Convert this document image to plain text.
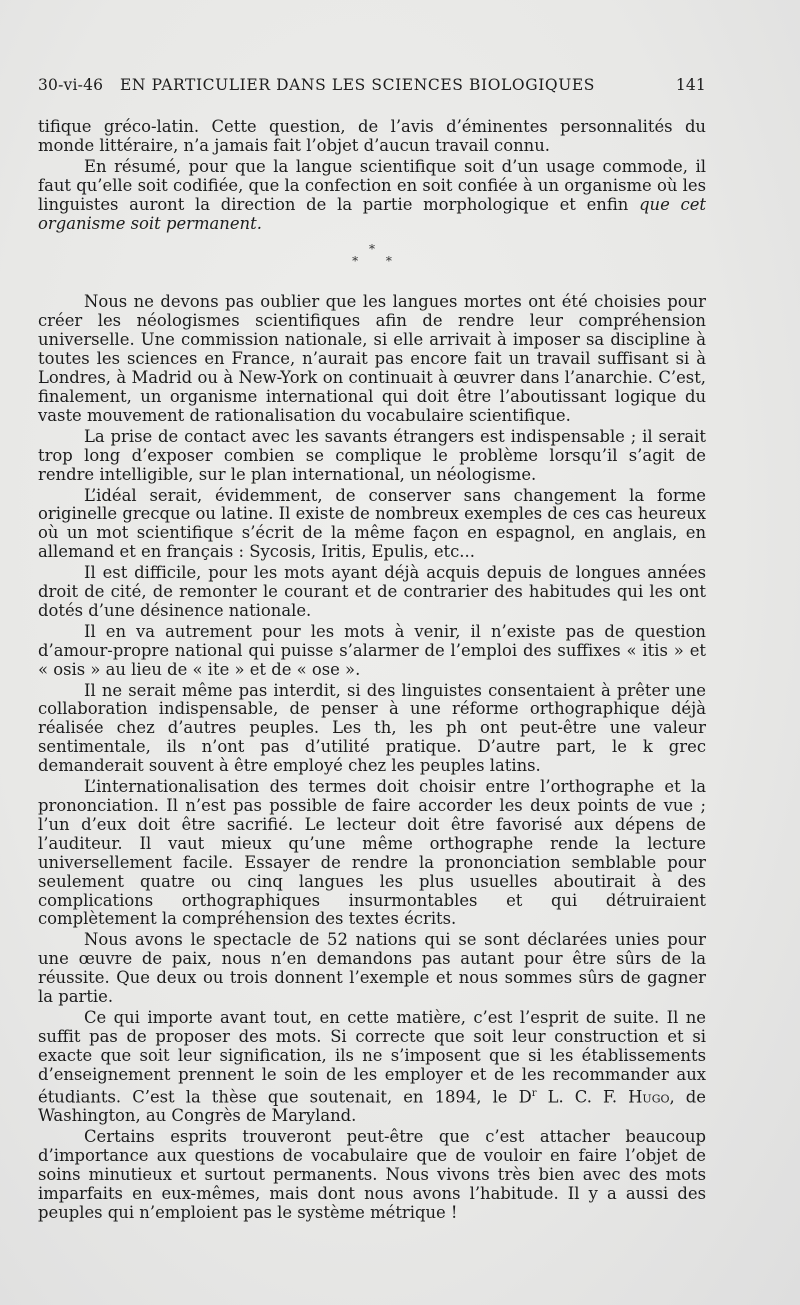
30-vi-46 EN PARTICULIER DANS LES SCIENCES BIOLOGIQUES	141

tifique gréco-latin. Cette question, de l’avis d’éminentes personnalités du monde littéraire, n’a jamais fait l’objet d’aucun travail connu.

En résumé, pour que la langue scientifique soit d’un usage commode, il faut qu’elle soit codifiée, que la confection en soit confiée à un organisme où les linguistes auront la direction de la partie morphologique et enfin que cet organisme soit permanent.

*
* *

Nous ne devons pas oublier que les langues mortes ont été choisies pour créer les néologismes scientifiques afin de rendre leur compréhension universelle. Une commission nationale, si elle arrivait à imposer sa discipline à toutes les sciences en France, n’aurait pas encore fait un travail suffisant si à Londres, à Madrid ou à New-York on continuait à œuvrer dans l’anarchie. C’est, finalement, un organisme international qui doit être l’aboutissant logique du vaste mouvement de rationalisation du vocabulaire scientifique.

La prise de contact avec les savants étrangers est indispensable ; il serait trop long d’exposer combien se complique le problème lorsqu’il s’agit de rendre intelligible, sur le plan international, un néologisme.

L’idéal serait, évidemment, de conserver sans changement la forme originelle grecque ou latine. Il existe de nombreux exemples de ces cas heureux où un mot scientifique s’écrit de la même façon en espagnol, en anglais, en allemand et en français : Sycosis, Iritis, Epulis, etc...

Il est difficile, pour les mots ayant déjà acquis depuis de longues années droit de cité, de remonter le courant et de contrarier des habitudes qui les ont dotés d’une désinence nationale.

Il en va autrement pour les mots à venir, il n’existe pas de question d’amour-propre national qui puisse s’alarmer de l’emploi des suffixes « itis » et « osis » au lieu de « ite » et de « ose ».

Il ne serait même pas interdit, si des linguistes consentaient à prêter une collaboration indispensable, de penser à une réforme orthographique déjà réalisée chez d’autres peuples. Les th, les ph ont peut-être une valeur sentimentale, ils n’ont pas d’utilité pratique. D’autre part, le k grec demanderait souvent à être employé chez les peuples latins.

L’internationalisation des termes doit choisir entre l’orthographe et la prononciation. Il n’est pas possible de faire accorder les deux points de vue ; l’un d’eux doit être sacrifié. Le lecteur doit être favorisé aux dépens de l’auditeur. Il vaut mieux qu’une même orthographe rende la lecture universellement facile. Essayer de rendre la prononciation semblable pour seulement quatre ou cinq langues les plus usuelles aboutirait à des complications orthographiques insurmontables et qui détruiraient complètement la compréhension des textes écrits.

Nous avons le spectacle de 52 nations qui se sont déclarées unies pour une œuvre de paix, nous n’en demandons pas autant pour être sûrs de la réussite. Que deux ou trois donnent l’exemple et nous sommes sûrs de gagner la partie.

Ce qui importe avant tout, en cette matière, c’est l’esprit de suite. Il ne suffit pas de proposer des mots. Si correcte que soit leur construction et si exacte que soit leur signification, ils ne s’imposent que si les établissements d’enseignement prennent le soin de les employer et de les recommander aux étudiants. C’est la thèse que soutenait, en 1894, le $D^r$ L. C. F. Hugo, de Washington, au Congrès de Maryland.

Certains esprits trouveront peut-être que c’est attacher beaucoup d’importance aux questions de vocabulaire que de vouloir en faire l’objet de soins minutieux et surtout permanents. Nous vivons très bien avec des mots imparfaits en eux-mêmes, mais dont nous avons l’habitude. Il y a aussi des peuples qui n’emploient pas le système métrique !
